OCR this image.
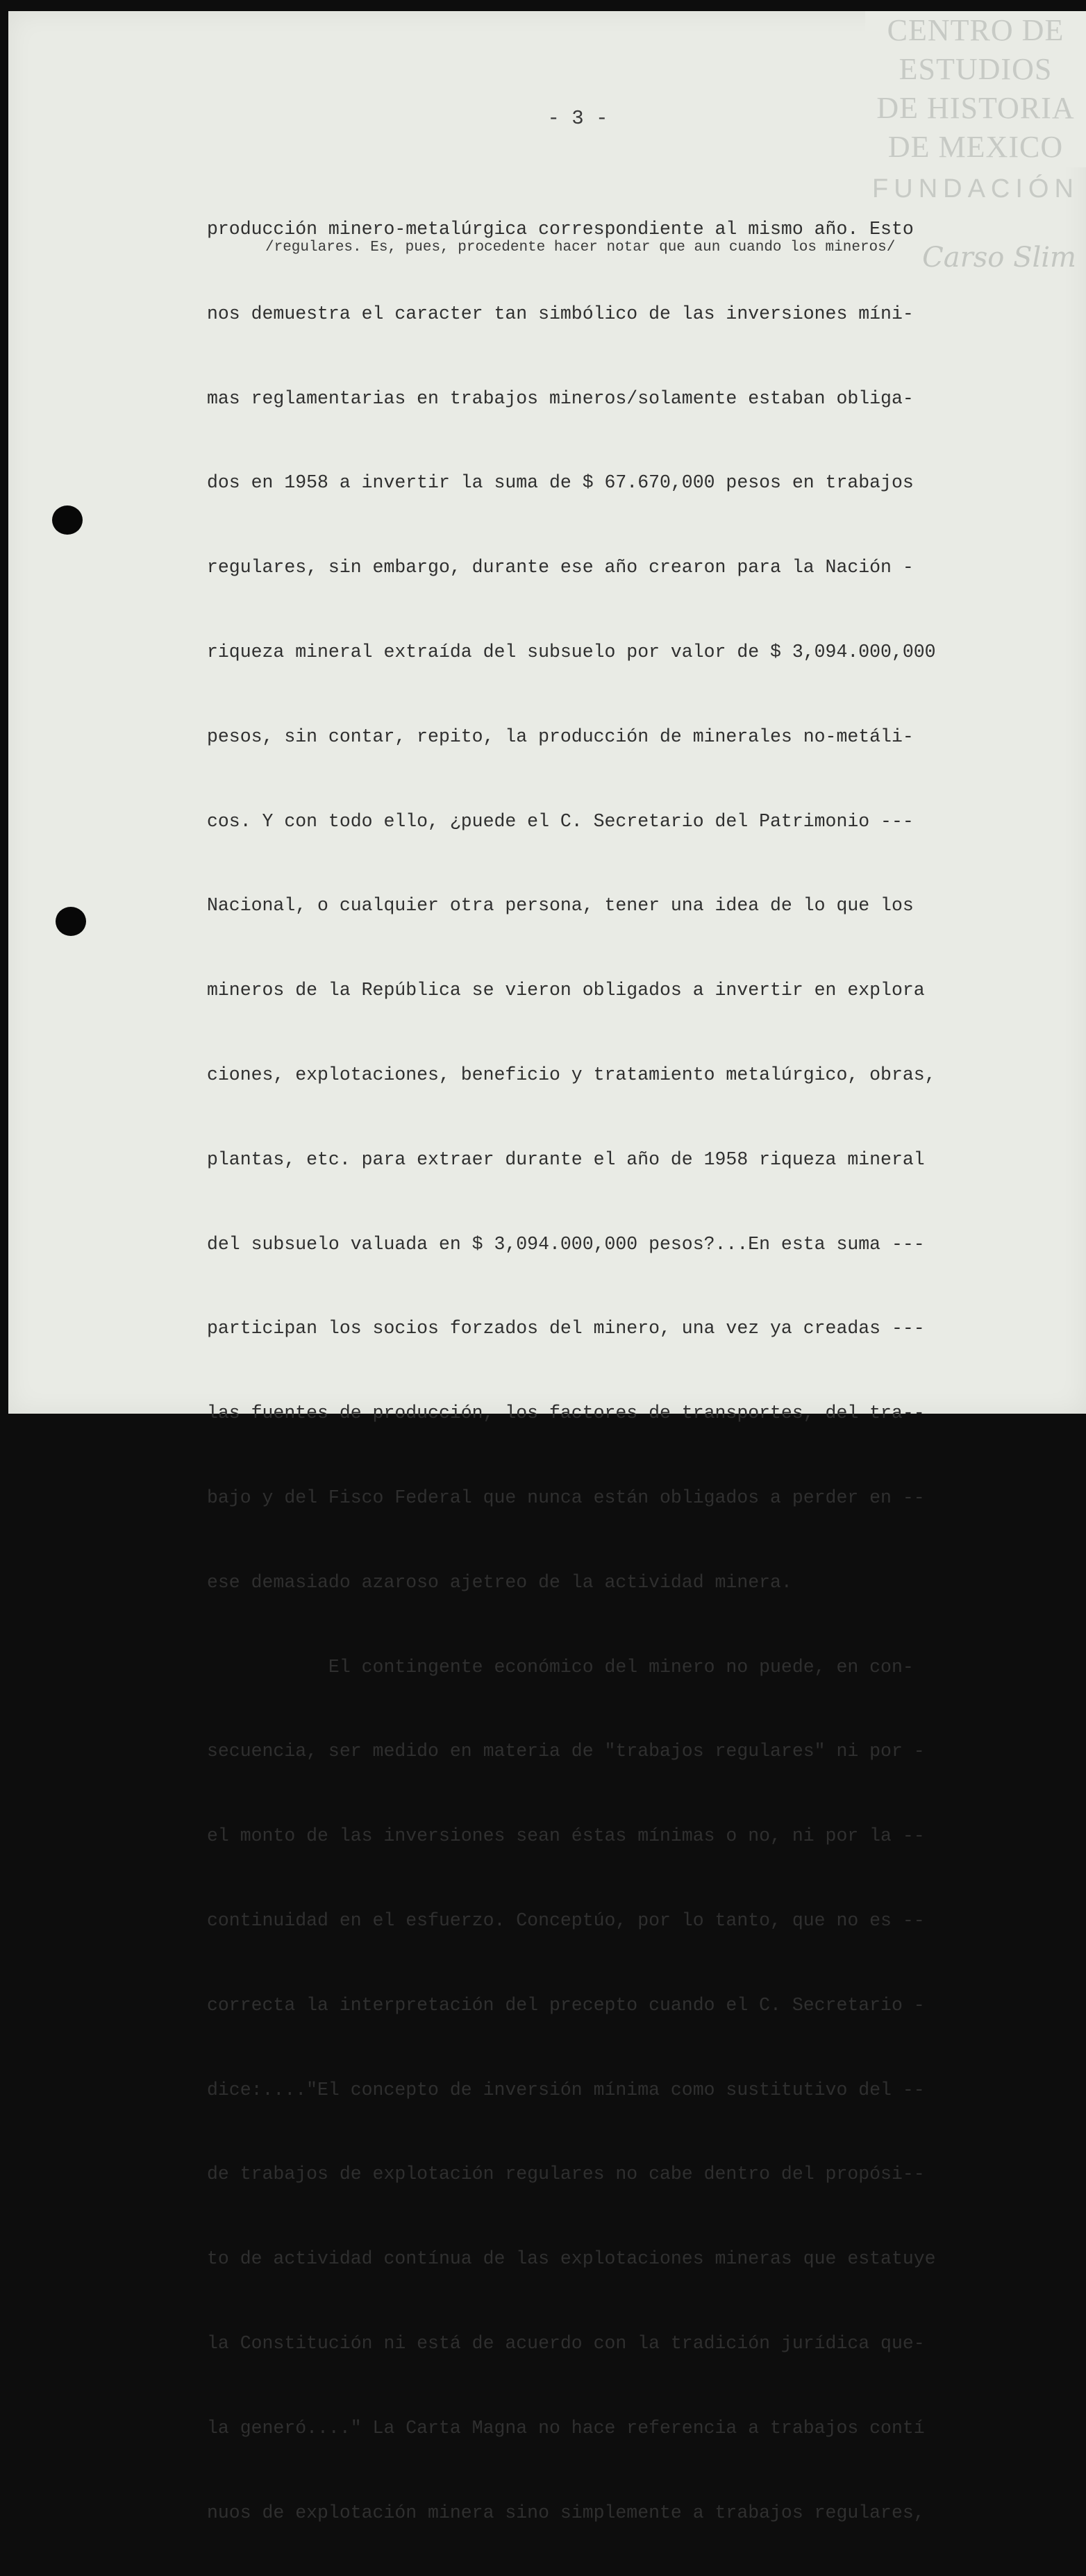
CENTRO DE
ESTUDIOS
DE HISTORIA
DE MEXICO
FUNDACIÓN
Carso Slim
- 3 -
/regulares. Es, pues, procedente hacer notar que aun cuando los mineros/

producción minero-metalúrgica correspondiente al mismo año. Esto

nos demuestra el caracter tan simbólico de las inversiones míni-

mas reglamentarias en trabajos mineros/solamente estaban obliga-

dos en 1958 a invertir la suma de $ 67.670,000 pesos en trabajos

regulares, sin embargo, durante ese año crearon para la Nación -

riqueza mineral extraída del subsuelo por valor de $ 3,094.000,000

pesos, sin contar, repito, la producción de minerales no-metáli-

cos. Y con todo ello, ¿puede el C. Secretario del Patrimonio ---

Nacional, o cualquier otra persona, tener una idea de lo que los

mineros de la República se vieron obligados a invertir en explora

ciones, explotaciones, beneficio y tratamiento metalúrgico, obras,

plantas, etc. para extraer durante el año de 1958 riqueza mineral

del subsuelo valuada en $ 3,094.000,000 pesos?...En esta suma ---

participan los socios forzados del minero, una vez ya creadas ---

las fuentes de producción, los factores de transportes, del tra--

bajo y del Fisco Federal que nunca están obligados a perder en --

ese demasiado azaroso ajetreo de la actividad minera.

El contingente económico del minero no puede, en con-

secuencia, ser medido en materia de "trabajos regulares" ni por -

el monto de las inversiones sean éstas mínimas o no, ni por la --

continuidad en el esfuerzo. Conceptúo, por lo tanto, que no es --

correcta la interpretación del precepto cuando el C. Secretario -

dice:...."El concepto de inversión mínima como sustitutivo del --

de trabajos de explotación regulares no cabe dentro del propósi--

to de actividad contínua de las explotaciones mineras que estatuye

la Constitución ni está de acuerdo con la tradición jurídica que-

la generó...." La Carta Magna no hace referencia a trabajos contí

nuos de explotación minera sino simplemente a trabajos regulares,
